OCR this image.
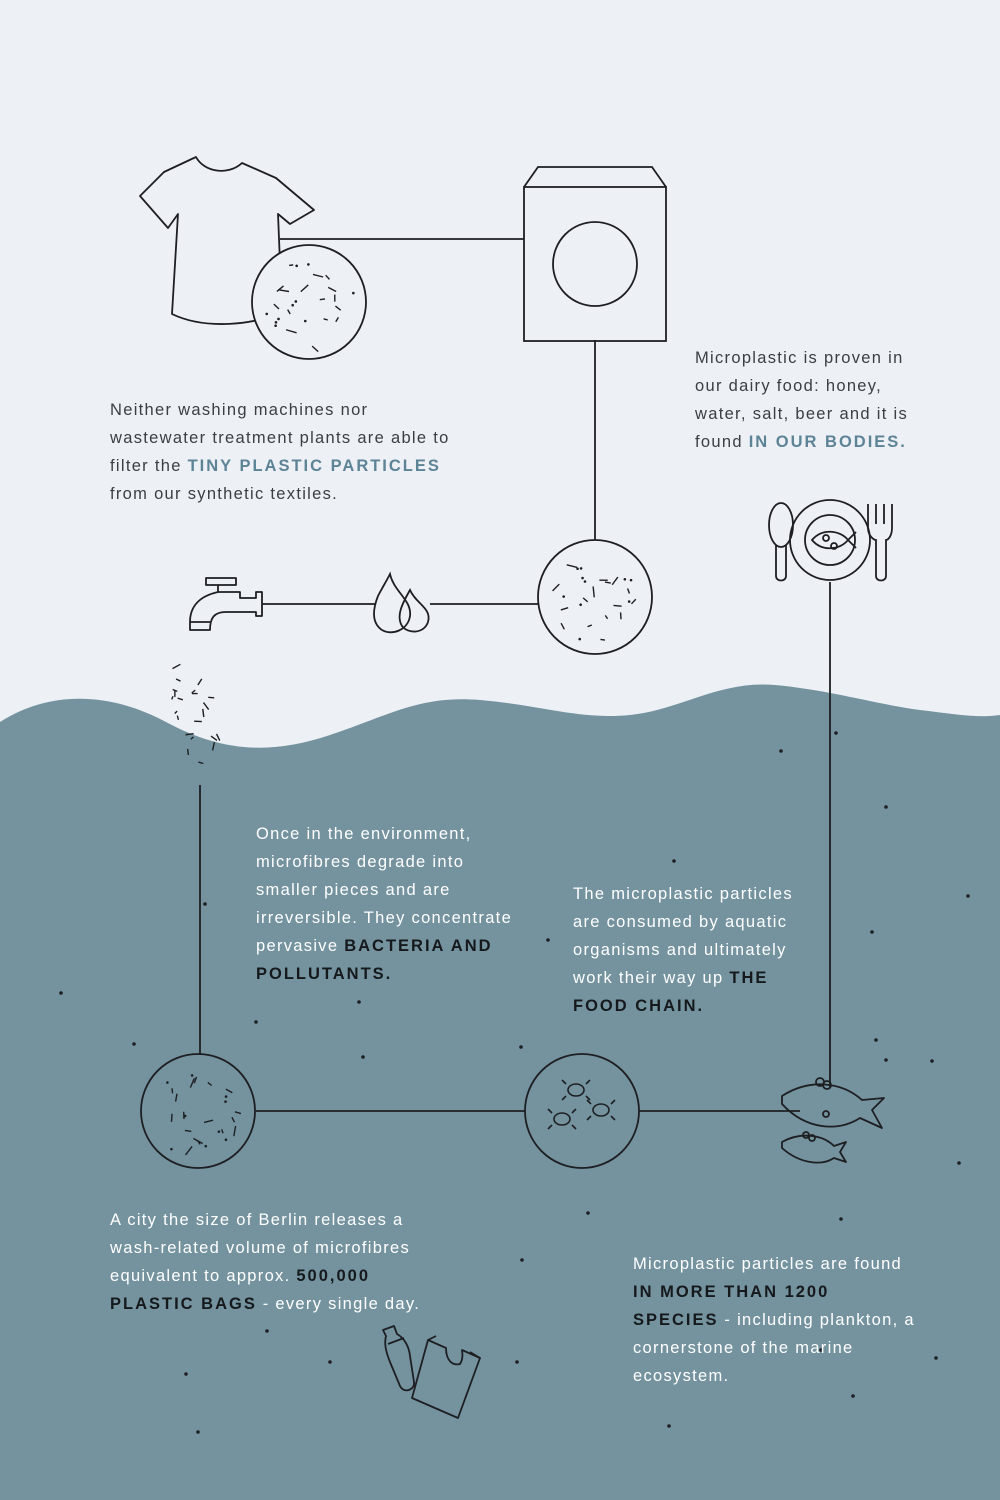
Neither washing machines nor wastewater treatment plants are able to filter the TINY PLASTIC PARTICLES from our synthetic textiles.
Microplastic is proven in our dairy food: honey, water, salt, beer and it is found IN OUR BODIES.
Once in the environment, microfibres degrade into smaller pieces and are irreversible. They concentrate pervasive BACTERIA AND POLLUTANTS.
The microplastic particles are consumed by aquatic organisms and ultimately work their way up THE FOOD CHAIN.
A city the size of Berlin releases a wash-related volume of microfibres equivalent to approx. 500,000 PLASTIC BAGS - every single day.
Microplastic particles are found IN MORE THAN 1200 SPECIES - including plankton, a cornerstone of the marine ecosystem.
